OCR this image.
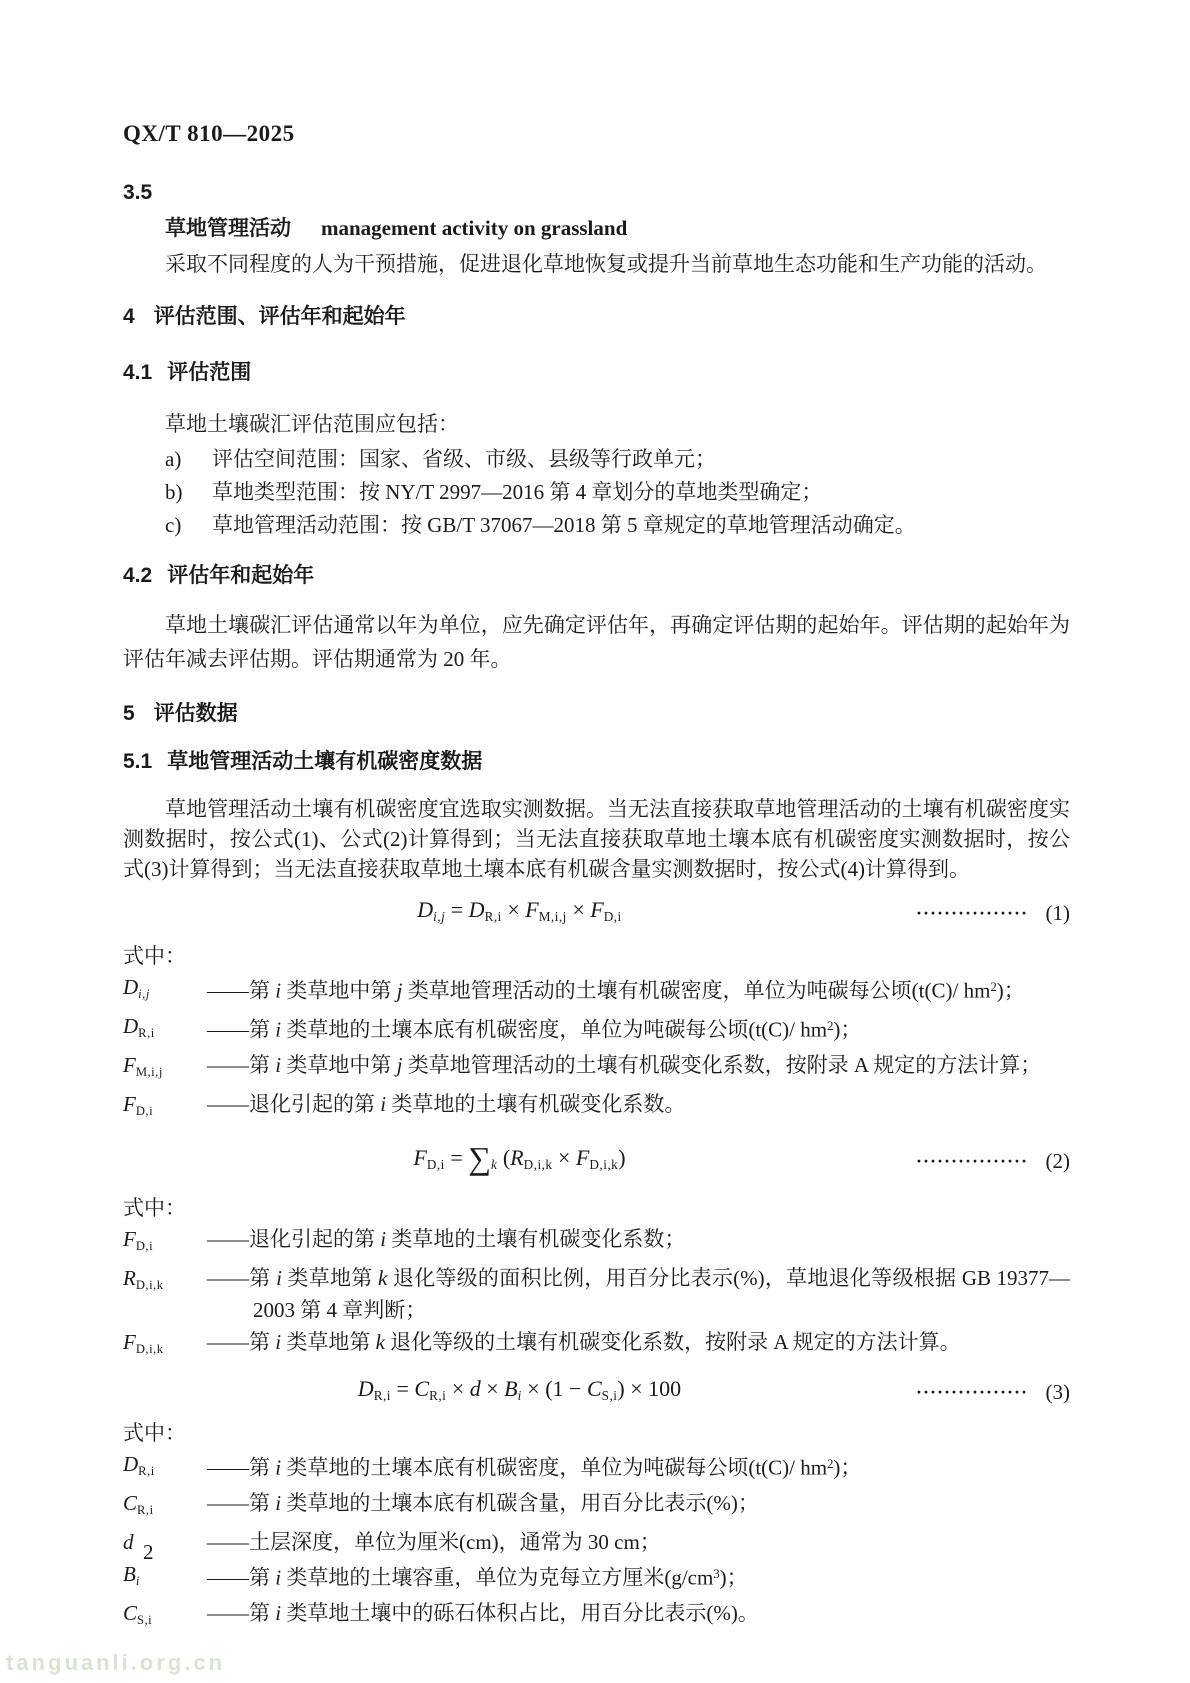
QX/T 810—2025
3.5
草地管理活动 management activity on grassland

采取不同程度的人为干预措施，促进退化草地恢复或提升当前草地生态功能和生产功能的活动。

4 评估范围、评估年和起始年
4.1 评估范围

草地土壤碳汇评估范围应包括：

a)	评估空间范围：国家、省级、市级、县级等行政单元；
b)	草地类型范围：按 NY/T 2997—2016 第 4 章划分的草地类型确定；
c)	草地管理活动范围：按 GB/T 37067—2018 第 5 章规定的草地管理活动确定。
4.2 评估年和起始年

草地土壤碳汇评估通常以年为单位，应先确定评估年，再确定评估期的起始年。评估期的起始年为评估年减去评估期。评估期通常为 20 年。

5 评估数据
5.1 草地管理活动土壤有机碳密度数据

草地管理活动土壤有机碳密度宜选取实测数据。当无法直接获取草地管理活动的土壤有机碳密度实测数据时，按公式(1)、公式(2)计算得到；当无法直接获取草地土壤本底有机碳密度实测数据时，按公式(3)计算得到；当无法直接获取草地土壤本底有机碳含量实测数据时，按公式(4)计算得到。

Di,j = DR,i × FM,i,j × FD,i	················ (1)
式中：
Di,j	——第 i 类草地中第 j 类草地管理活动的土壤有机碳密度，单位为吨碳每公顷(t(C)/ $hm^2$)；
DR,i	——第 i 类草地的土壤本底有机碳密度，单位为吨碳每公顷(t(C)/ $hm^2$)；
FM,i,j	——第 i 类草地中第 j 类草地管理活动的土壤有机碳变化系数，按附录 A 规定的方法计算；
FD,i	——退化引起的第 i 类草地的土壤有机碳变化系数。
FD,i = ∑k (RD,i,k × FD,i,k)	················ (2)
式中：
FD,i	——退化引起的第 i 类草地的土壤有机碳变化系数；
RD,i,k	——第 i 类草地第 k 退化等级的面积比例，用百分比表示(%)，草地退化等级根据 GB 19377—2003 第 4 章判断；
FD,i,k	——第 i 类草地第 k 退化等级的土壤有机碳变化系数，按附录 A 规定的方法计算。
DR,i = CR,i × d × Bi × (1 − CS,i) × 100	················ (3)
式中：
DR,i	——第 i 类草地的土壤本底有机碳密度，单位为吨碳每公顷(t(C)/ $hm^2$)；
CR,i	——第 i 类草地的土壤本底有机碳含量，用百分比表示(%)；
d	——土层深度，单位为厘米(cm)，通常为 30 cm；
Bi	——第 i 类草地的土壤容重，单位为克每立方厘米$(g/cm^3)$；
CS,i	——第 i 类草地土壤中的砾石体积占比，用百分比表示(%)。
2
tanguanli.org.cn
